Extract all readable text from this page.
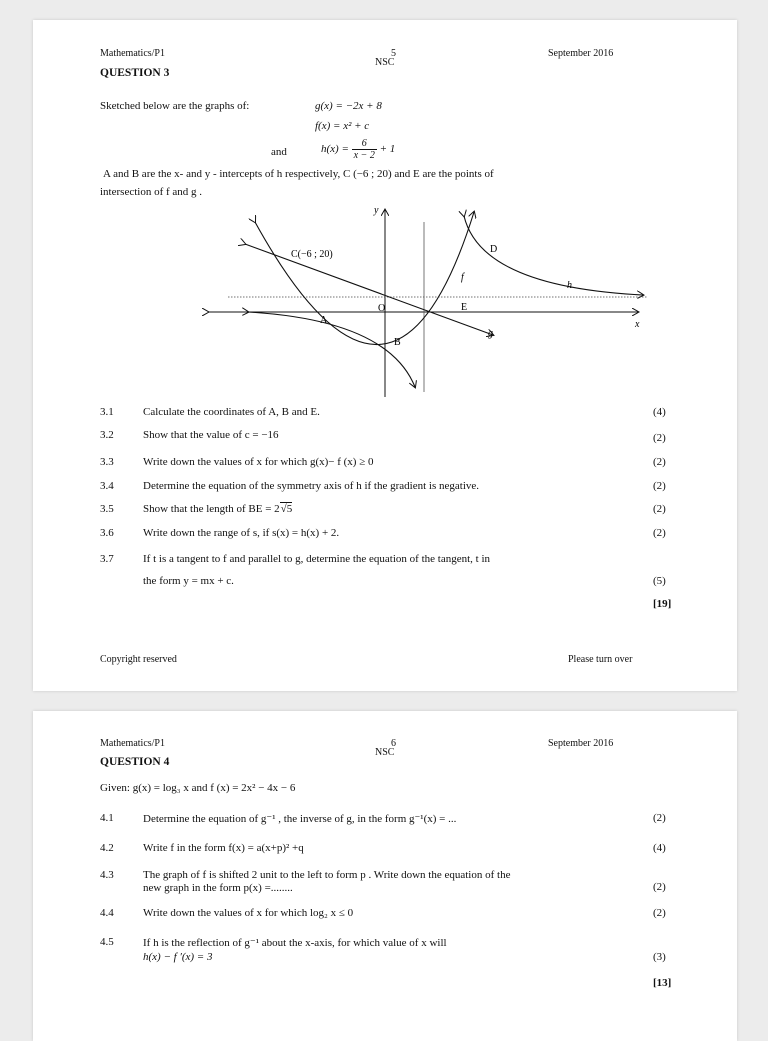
Mathematics/P1	5
NSC
September 2016
QUESTION 3
Sketched below are the graphs of:	g(x) = −2x + 8
f(x) = x² + c
and	$h(x) = \frac{6}{x - 2} + 1$
A and B are the x- and y - intercepts of h respectively, C (−6 ; 20) and E are the points of
intersection of f and g .
y
x
C(−6 ; 20)	D
O	E
A
B
f
g
h
3.1	Calculate the coordinates of A, B and E.	(4)
3.2	Show that the value of c = −16	(2)
3.3	Write down the values of x for which g(x)− f (x) ≥ 0	(2)
3.4	Determine the equation of the symmetry axis of h if the gradient is negative.	(2)
3.5	Show that the length of BE = 2√5	(2)
3.6	Write down the range of s, if s(x) = h(x) + 2.	(2)
3.7	If t is a tangent to f and parallel to g, determine the equation of the tangent, t in
the form y = mx + c.	(5)
[19]
Copyright reserved	Please turn over
Mathematics/P1	6
NSC
September 2016
QUESTION 4
Given: g(x) = log₃ x and f (x) = 2x² − 4x − 6
4.1	Determine the equation of g⁻¹ , the inverse of g, in the form g⁻¹(x) = ...	(2)
4.2	Write f in the form f(x) = a(x+p)² +q	(4)
4.3	The graph of f is shifted 2 unit to the left to form p . Write down the equation of the
new graph in the form p(x) =........	(2)
4.4	Write down the values of x for which log₂ x ≤ 0	(2)
4.5	If h is the reflection of g⁻¹ about the x-axis, for which value of x will
h(x) − f ′(x) = 3	(3)
[13]
